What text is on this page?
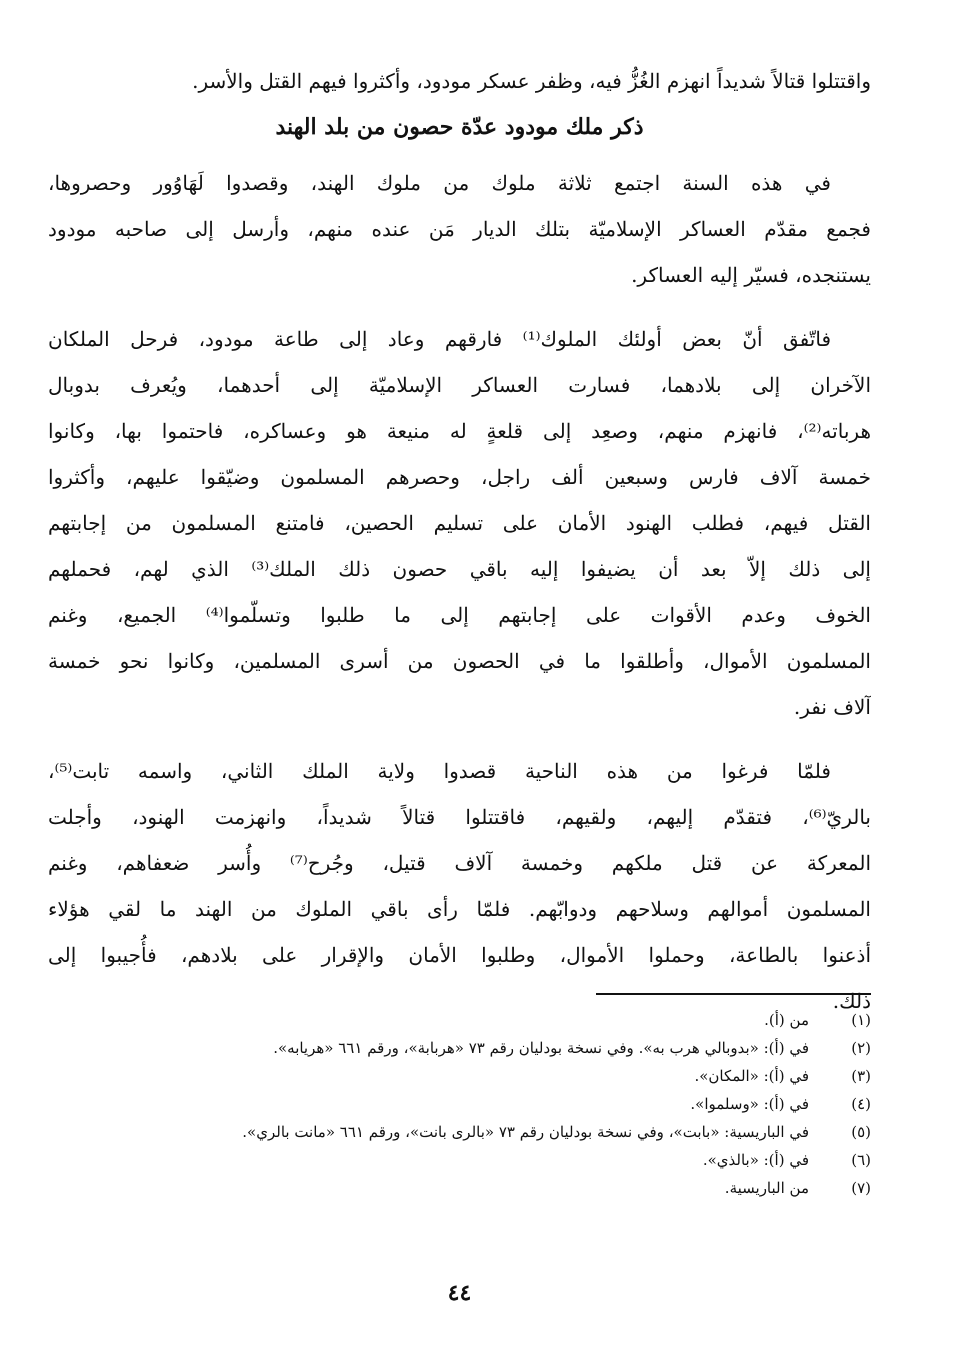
واقتتلوا قتالاً شديداً انهزم الغُزُّ فيه، وظفر عسكر مودود، وأكثروا فيهم القتل والأسر.
ذكر ملك مودود عدّة حصون من بلد الهند
في هذه السنة اجتمع ثلاثة ملوك من ملوك الهند، وقصدوا لَهَاوُور وحصروها،
فجمع مقدّم العساكر الإسلاميّة بتلك الديار مَن عنده منهم، وأرسل إلى صاحبه مودود
يستنجده، فسيّر إليه العساكر.
فاتّفق أنّ بعض أولئك الملوك⁽¹⁾ فارقهم وعاد إلى طاعة مودود، فرحل الملكان
الآخران إلى بلادهما، فسارت العساكر الإسلاميّة إلى أحدهما، ويُعرف بدوبال
هرباته⁽²⁾، فانهزم منهم، وصعِد إلى قلعةٍ له منيعة هو وعساكره، فاحتموا بها، وكانوا
خمسة آلاف فارس وسبعين ألف راجل، وحصرهم المسلمون وضيّقوا عليهم، وأكثروا
القتل فيهم، فطلب الهنود الأمان على تسليم الحصين، فامتنع المسلمون من إجابتهم
إلى ذلك إلاّ بعد أن يضيفوا إليه باقي حصون ذلك الملك⁽³⁾ الذي لهم، فحملهم
الخوف وعدم الأقوات على إجابتهم إلى ما طلبوا وتسلّموا⁽⁴⁾ الجميع، وغنم
المسلمون الأموال، وأطلقوا ما في الحصون من أسرى المسلمين، وكانوا نحو خمسة
آلاف نفر.
فلمّا فرغوا من هذه الناحية قصدوا ولاية الملك الثاني، واسمه تابت⁽⁵⁾،
بالريّ⁽⁶⁾، فتقدّم إليهم، ولقيهم، فاقتتلوا قتالاً شديداً، وانهزمت الهنود، وأجلت
المعركة عن قتل ملكهم وخمسة آلاف قتيل، وجُرح⁽⁷⁾ وأُسر ضعفاهم، وغنم
المسلمون أموالهم وسلاحهم ودوابّهم. فلمّا رأى باقي الملوك من الهند ما لقي هؤلاء
أذعنوا بالطاعة، وحملوا الأموال، وطلبوا الأمان والإقرار على بلادهم، فأُجيبوا إلى
ذلك.
(١)
من (أ).
(٢)
في (أ): «بدوبالي هرب به». وفي نسخة بودليان رقم ٧٣ «هربابة»، ورقم ٦٦١ «هريابه».
(٣)
في (أ): «المكان».
(٤)
في (أ): «وسلموا».
(٥)
في الباريسية: «بابت»، وفي نسخة بودليان رقم ٧٣ «بالرى بانت»، ورقم ٦٦١ «مانت بالري».
(٦)
في (أ): «بالذي».
(٧)
من الباريسية.
٤٤
